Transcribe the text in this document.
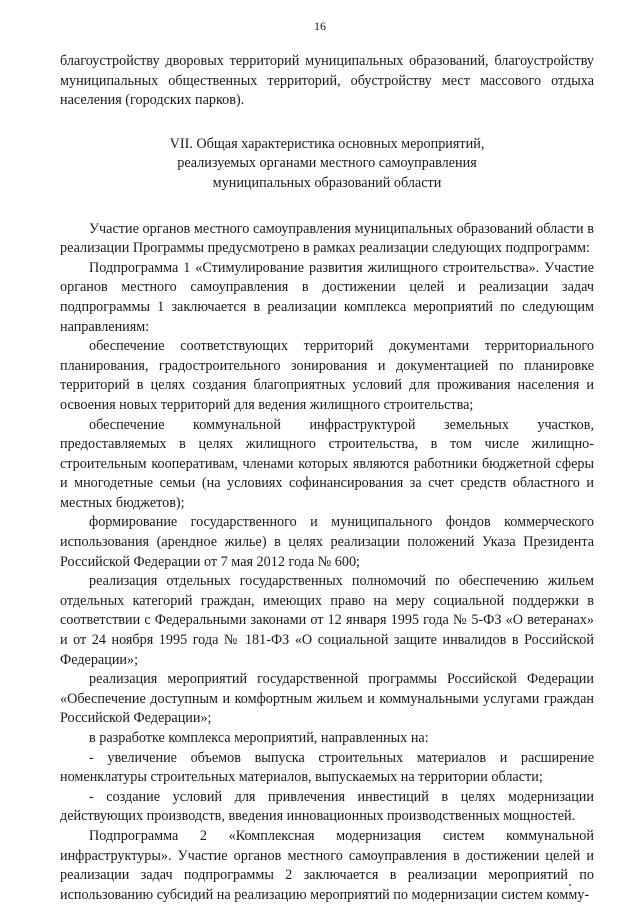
16

благоустройству дворовых территорий муниципальных образований, благоустройству муниципальных общественных территорий, обустройству мест массового отдыха населения (городских парков).

VII. Общая характеристика основных мероприятий,
реализуемых органами местного самоуправления
муниципальных образований области

Участие органов местного самоуправления муниципальных образований области в реализации Программы предусмотрено в рамках реализации следующих подпрограмм:

Подпрограмма 1 «Стимулирование развития жилищного строительства». Участие органов местного самоуправления в достижении целей и реализации задач подпрограммы 1 заключается в реализации комплекса мероприятий по следующим направлениям:

обеспечение соответствующих территорий документами территориального планирования, градостроительного зонирования и документацией по планировке территорий в целях создания благоприятных условий для проживания населения и освоения новых территорий для ведения жилищного строительства;

обеспечение коммунальной инфраструктурой земельных участков, предоставляемых в целях жилищного строительства, в том числе жилищно-строительным кооперативам, членами которых являются работники бюджетной сферы и многодетные семьи (на условиях софинансирования за счет средств областного и местных бюджетов);

формирование государственного и муниципального фондов коммерческого использования (арендное жилье) в целях реализации положений Указа Президента Российской Федерации от 7 мая 2012 года № 600;

реализация отдельных государственных полномочий по обеспечению жильем отдельных категорий граждан, имеющих право на меру социальной поддержки в соответствии с Федеральными законами от 12 января 1995 года № 5-ФЗ «О ветеранах» и от 24 ноября 1995 года № 181-ФЗ «О социальной защите инвалидов в Российской Федерации»;

реализация мероприятий государственной программы Российской Федерации «Обеспечение доступным и комфортным жильем и коммунальными услугами граждан Российской Федерации»;

в разработке комплекса мероприятий, направленных на:

- увеличение объемов выпуска строительных материалов и расширение номенклатуры строительных материалов, выпускаемых на территории области;

- создание условий для привлечения инвестиций в целях модернизации действующих производств, введения инновационных производственных мощностей.

Подпрограмма 2 «Комплексная модернизация систем коммунальной инфраструктуры». Участие органов местного самоуправления в достижении целей и реализации задач подпрограммы 2 заключается в реализации мероприятий по использованию субсидий на реализацию мероприятий по модернизации систем комму-
